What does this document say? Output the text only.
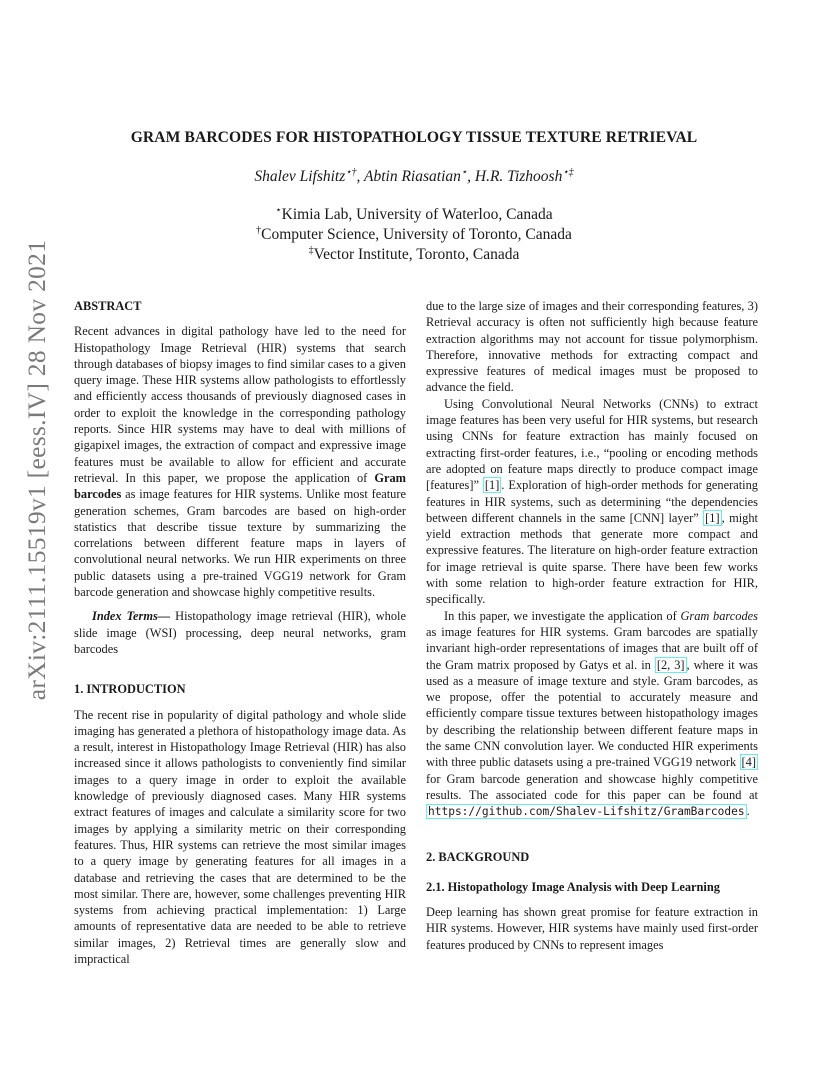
arXiv:2111.15519v1 [eess.IV] 28 Nov 2021
GRAM BARCODES FOR HISTOPATHOLOGY TISSUE TEXTURE RETRIEVAL
Shalev Lifshitz⋆†, Abtin Riasatian⋆, H.R. Tizhoosh⋆‡
⋆Kimia Lab, University of Waterloo, Canada
†Computer Science, University of Toronto, Canada
‡Vector Institute, Toronto, Canada

ABSTRACT

Recent advances in digital pathology have led to the need for Histopathology Image Retrieval (HIR) systems that search through databases of biopsy images to find similar cases to a given query image. These HIR systems allow pathologists to effortlessly and efficiently access thousands of previously diagnosed cases in order to exploit the knowledge in the corresponding pathology reports. Since HIR systems may have to deal with millions of gigapixel images, the extraction of compact and expressive image features must be available to allow for efficient and accurate retrieval. In this paper, we propose the application of Gram barcodes as image features for HIR systems. Unlike most feature generation schemes, Gram barcodes are based on high-order statistics that describe tissue texture by summarizing the correlations between different feature maps in layers of convolutional neural networks. We run HIR experiments on three public datasets using a pre-trained VGG19 network for Gram barcode generation and showcase highly competitive results.

Index Terms— Histopathology image retrieval (HIR), whole slide image (WSI) processing, deep neural networks, gram barcodes

1. INTRODUCTION

The recent rise in popularity of digital pathology and whole slide imaging has generated a plethora of histopathology image data. As a result, interest in Histopathology Image Retrieval (HIR) has also increased since it allows pathologists to conveniently find similar images to a query image in order to exploit the available knowledge of previously diagnosed cases. Many HIR systems extract features of images and calculate a similarity score for two images by applying a similarity metric on their corresponding features. Thus, HIR systems can retrieve the most similar images to a query image by generating features for all images in a database and retrieving the cases that are determined to be the most similar. There are, however, some challenges preventing HIR systems from achieving practical implementation: 1) Large amounts of representative data are needed to be able to retrieve similar images, 2) Retrieval times are generally slow and impractical

due to the large size of images and their corresponding features, 3) Retrieval accuracy is often not sufficiently high because feature extraction algorithms may not account for tissue polymorphism. Therefore, innovative methods for extracting compact and expressive features of medical images must be proposed to advance the field.

Using Convolutional Neural Networks (CNNs) to extract image features has been very useful for HIR systems, but research using CNNs for feature extraction has mainly focused on extracting first-order features, i.e., “pooling or encoding methods are adopted on feature maps directly to produce compact image [features]” [1] . Exploration of high-order methods for generating features in HIR systems, such as determining “the dependencies between different channels in the same [CNN] layer” [1] , might yield extraction methods that generate more compact and expressive features. The literature on high-order feature extraction for image retrieval is quite sparse. There have been few works with some relation to high-order feature extraction for HIR, specifically.

In this paper, we investigate the application of Gram barcodes as image features for HIR systems. Gram barcodes are spatially invariant high-order representations of images that are built off of the Gram matrix proposed by Gatys et al. in [2, 3] , where it was used as a measure of image texture and style. Gram barcodes, as we propose, offer the potential to accurately measure and efficiently compare tissue textures between histopathology images by describing the relationship between different feature maps in the same CNN convolution layer. We conducted HIR experiments with three public datasets using a pre-trained VGG19 network [4] for Gram barcode generation and showcase highly competitive results. The associated code for this paper can be found at https://github.com/Shalev-Lifshitz/GramBarcodes .

2. BACKGROUND

2.1. Histopathology Image Analysis with Deep Learning

Deep learning has shown great promise for feature extraction in HIR systems. However, HIR systems have mainly used first-order features produced by CNNs to represent images
